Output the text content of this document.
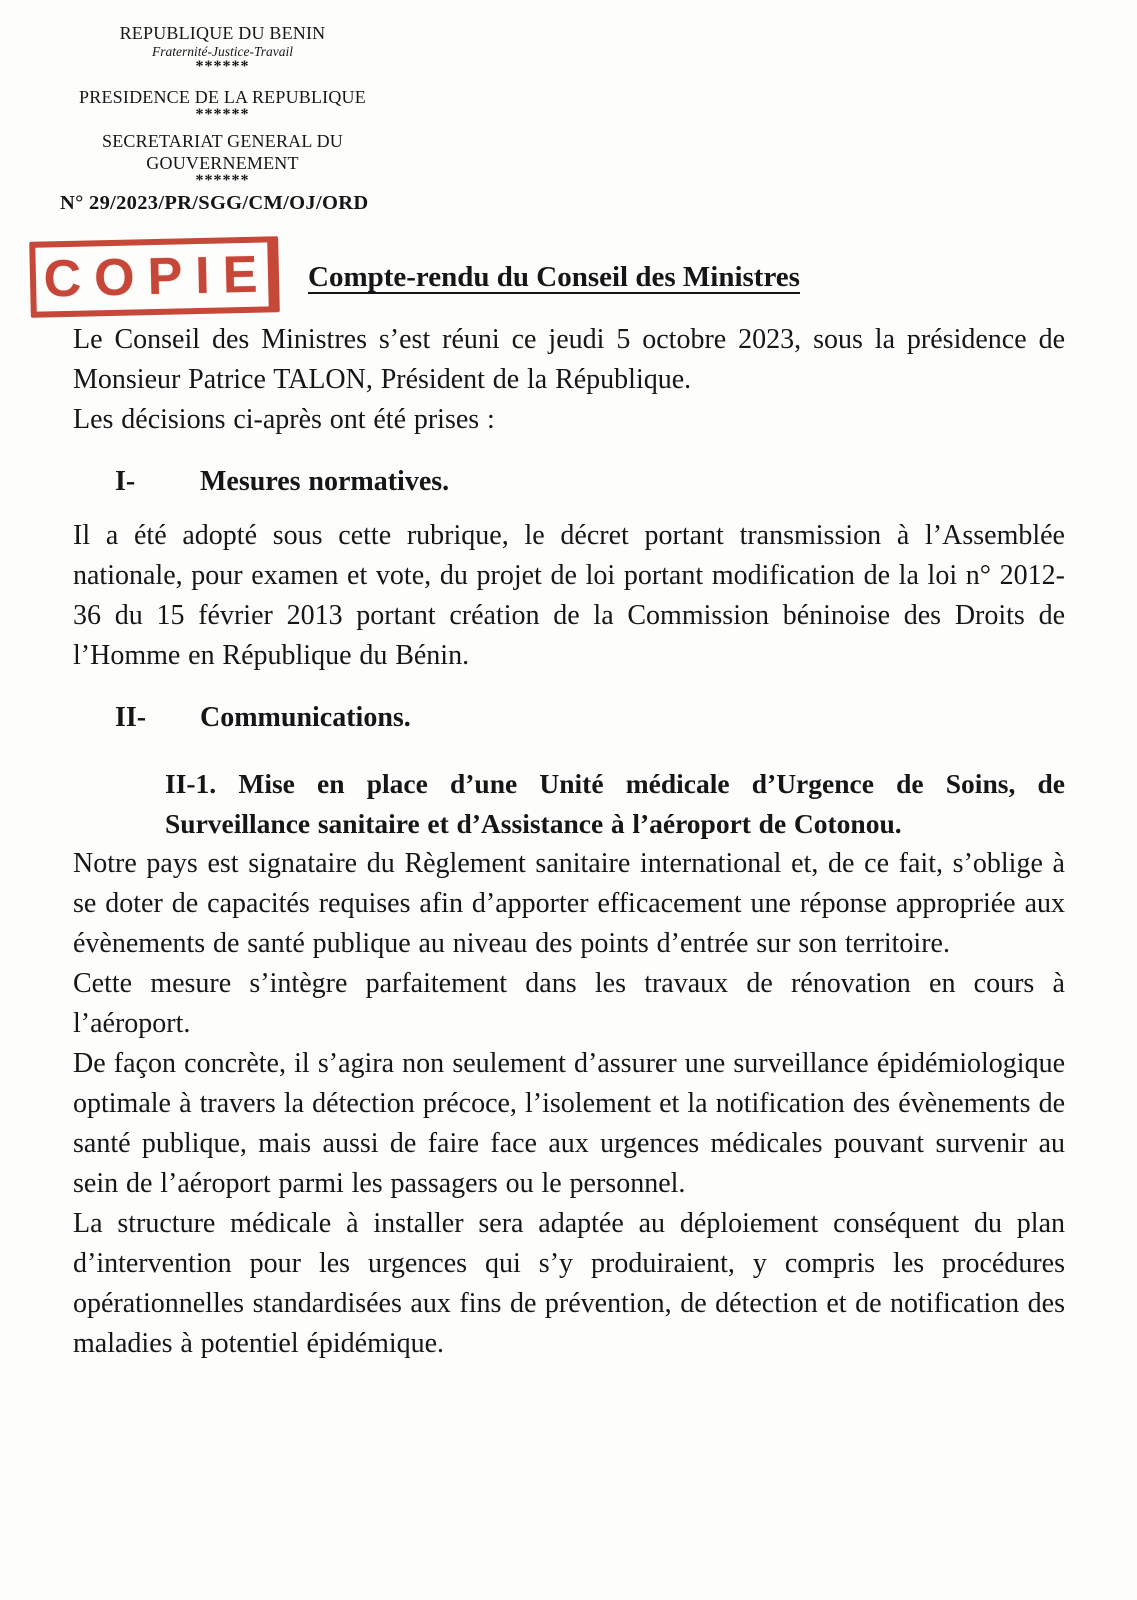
REPUBLIQUE DU BENIN
Fraternité-Justice-Travail
******
PRESIDENCE DE LA REPUBLIQUE
******
SECRETARIAT GENERAL DU
GOUVERNEMENT
******
N° 29/2023/PR/SGG/CM/OJ/ORD
COPIE Compte-rendu du Conseil des Ministres

Le Conseil des Ministres s’est réuni ce jeudi 5 octobre 2023, sous la présidence de Monsieur Patrice TALON, Président de la République.

Les décisions ci-après ont été prises :

I- Mesures normatives.

Il a été adopté sous cette rubrique, le décret portant transmission à l’Assemblée nationale, pour examen et vote, du projet de loi portant modification de la loi n° 2012-36 du 15 février 2013 portant création de la Commission béninoise des Droits de l’Homme en République du Bénin.

II- Communications.
II-1. Mise en place d’une Unité médicale d’Urgence de Soins, de Surveillance sanitaire et d’Assistance à l’aéroport de Cotonou.

Notre pays est signataire du Règlement sanitaire international et, de ce fait, s’oblige à se doter de capacités requises afin d’apporter efficacement une réponse appropriée aux évènements de santé publique au niveau des points d’entrée sur son territoire.

Cette mesure s’intègre parfaitement dans les travaux de rénovation en cours à l’aéroport.

De façon concrète, il s’agira non seulement d’assurer une surveillance épidémiologique optimale à travers la détection précoce, l’isolement et la notification des évènements de santé publique, mais aussi de faire face aux urgences médicales pouvant survenir au sein de l’aéroport parmi les passagers ou le personnel.

La structure médicale à installer sera adaptée au déploiement conséquent du plan d’intervention pour les urgences qui s’y produiraient, y compris les procédures opérationnelles standardisées aux fins de prévention, de détection et de notification des maladies à potentiel épidémique.
